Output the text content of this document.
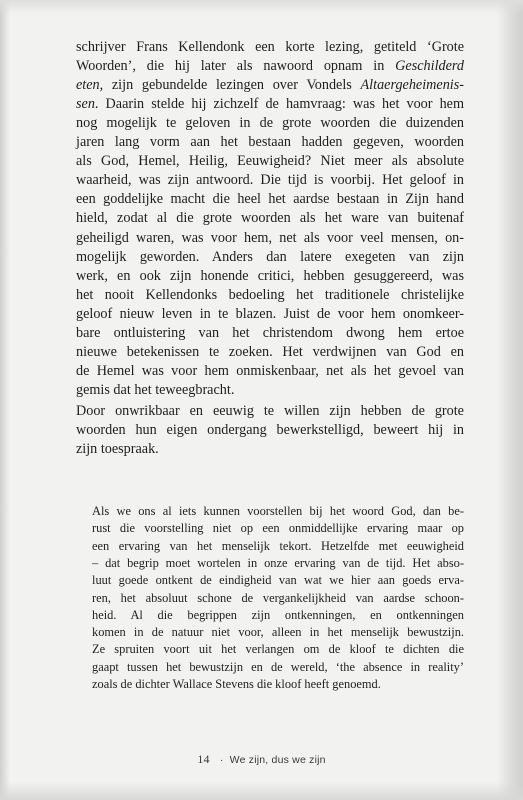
schrijver Frans Kellendonk een korte lezing, getiteld ‘Grote
Woorden’, die hij later als nawoord opnam in Geschilderd
eten, zijn gebundelde lezingen over Vondels Altaergeheimenis-
sen. Daarin stelde hij zichzelf de hamvraag: was het voor hem
nog mogelijk te geloven in de grote woorden die duizenden
jaren lang vorm aan het bestaan hadden gegeven, woorden
als God, Hemel, Heilig, Eeuwigheid? Niet meer als absolute
waarheid, was zijn antwoord. Die tijd is voorbij. Het geloof in
een goddelijke macht die heel het aardse bestaan in Zijn hand
hield, zodat al die grote woorden als het ware van buitenaf
geheiligd waren, was voor hem, net als voor veel mensen, on-
mogelijk geworden. Anders dan latere exegeten van zijn
werk, en ook zijn honende critici, hebben gesuggereerd, was
het nooit Kellendonks bedoeling het traditionele christelijke
geloof nieuw leven in te blazen. Juist de voor hem onomkeer-
bare ontluistering van het christendom dwong hem ertoe
nieuwe betekenissen te zoeken. Het verdwijnen van God en
de Hemel was voor hem onmiskenbaar, net als het gevoel van
gemis dat het teweegbracht.
Door onwrikbaar en eeuwig te willen zijn hebben de grote
woorden hun eigen ondergang bewerkstelligd, beweert hij in
zijn toespraak.
Als we ons al iets kunnen voorstellen bij het woord God, dan be-
rust die voorstelling niet op een onmiddellijke ervaring maar op
een ervaring van het menselijk tekort. Hetzelfde met eeuwigheid
– dat begrip moet wortelen in onze ervaring van de tijd. Het abso-
luut goede ontkent de eindigheid van wat we hier aan goeds erva-
ren, het absoluut schone de vergankelijkheid van aardse schoon-
heid. Al die begrippen zijn ontkenningen, en ontkenningen
komen in de natuur niet voor, alleen in het menselijk bewustzijn.
Ze spruiten voort uit het verlangen om de kloof te dichten die
gaapt tussen het bewustzijn en de wereld, ‘the absence in reality’
zoals de dichter Wallace Stevens die kloof heeft genoemd.
14 · We zijn, dus we zijn
